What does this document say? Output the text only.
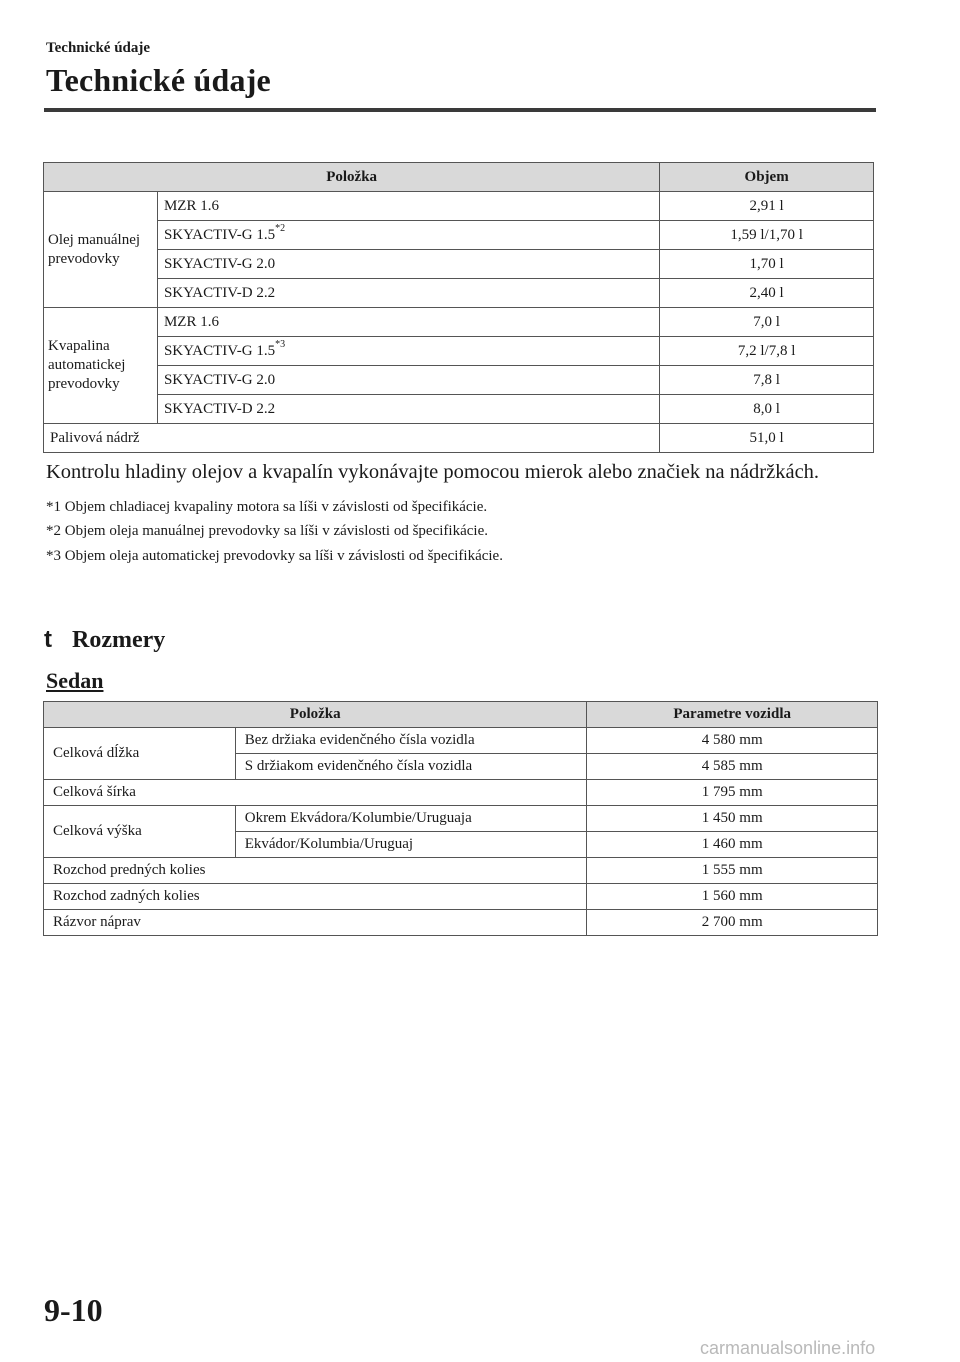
Technické údaje
Technické údaje
Položka		Objem
Olej manuálnej prevodovky	MZR 1.6	2,91 l
	SKYACTIV-G 1.5$^{*2}$	1,59 l/1,70 l
	SKYACTIV-G 2.0	1,70 l
	SKYACTIV-D 2.2	2,40 l
Kvapalina automatickej prevodovky	MZR 1.6	7,0 l
	SKYACTIV-G 1.5$^{*3}$	7,2 l/7,8 l
	SKYACTIV-G 2.0	7,8 l
	SKYACTIV-D 2.2	8,0 l
Palivová nádrž		51,0 l
Kontrolu hladiny olejov a kvapalín vykonávajte pomocou mierok alebo značiek na nádržkách.
*1 Objem chladiacej kvapaliny motora sa líši v závislosti od špecifikácie.
*2 Objem oleja manuálnej prevodovky sa líši v závislosti od špecifikácie.
*3 Objem oleja automatickej prevodovky sa líši v závislosti od špecifikácie.
t Rozmery
Sedan
Položka		Parametre vozidla
Celková dĺžka	Bez držiaka evidenčného čísla vozidla	4 580 mm
	S držiakom evidenčného čísla vozidla	4 585 mm
Celková šírka		1 795 mm
Celková výška	Okrem Ekvádora/Kolumbie/Uruguaja	1 450 mm
	Ekvádor/Kolumbia/Uruguaj	1 460 mm
Rozchod predných kolies		1 555 mm
Rozchod zadných kolies		1 560 mm
Rázvor náprav		2 700 mm
9-10
carmanualsonline.info
